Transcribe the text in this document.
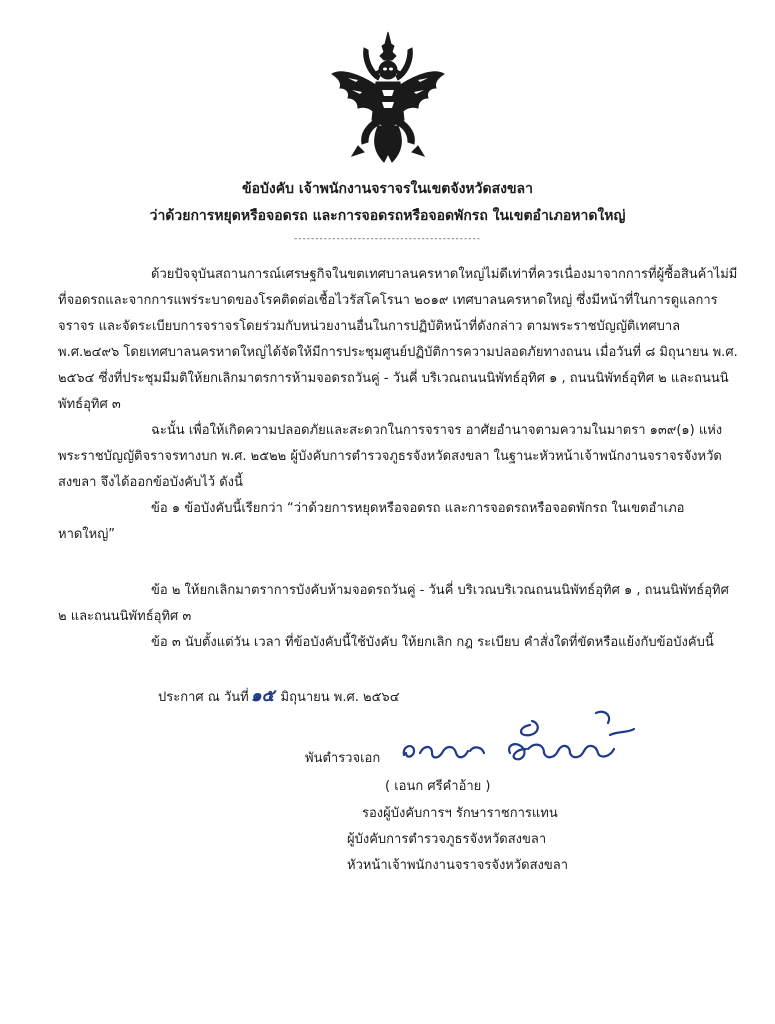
ข้อบังคับ เจ้าพนักงานจราจรในเขตจังหวัดสงขลา
ว่าด้วยการหยุดหรือจอดรถ และการจอดรถหรือจอดพักรถ ในเขตอำเภอหาดใหญ่
--------------------------------------------
ด้วยปัจจุบันสถานการณ์เศรษฐกิจในขตเทศบาลนครหาดใหญ่ไม่ดีเท่าที่ควรเนื่องมาจากการที่ผู้ซื้อสินค้าไม่มีที่จอดรถและจากการแพร่ระบาดของโรคติดต่อเชื้อไวรัสโคโรนา ๒๐๑๙ เทศบาลนครหาดใหญ่ ซึ่งมีหน้าที่ในการดูแลการจราจร และจัดระเบียบการจราจรโดยร่วมกับหน่วยงานอื่นในการปฏิบัติหน้าที่ดังกล่าว ตามพระราชบัญญัติเทศบาล พ.ศ.๒๔๙๖ โดยเทศบาลนครหาดใหญ่ได้จัดให้มีการประชุมศูนย์ปฏิบัติการความปลอดภัยทางถนน เมื่อวันที่ ๘ มิถุนายน พ.ศ. ๒๕๖๔ ซึ่งที่ประชุมมีมติให้ยกเลิกมาตรการห้ามจอดรถวันคู่ - วันคี่ บริเวณถนนนิพัทธ์อุทิศ ๑ , ถนนนิพัทธ์อุทิศ ๒ และถนนนิพัทธ์อุทิศ ๓
ฉะนั้น เพื่อให้เกิดความปลอดภัยและสะดวกในการจราจร อาศัยอำนาจตามความในมาตรา ๑๓๙(๑) แห่งพระราชบัญญัติจราจรทางบก พ.ศ. ๒๕๒๒ ผู้บังคับการตำรวจภูธรจังหวัดสงขลา ในฐานะหัวหน้าเจ้าพนักงานจราจรจังหวัดสงขลา จึงได้ออกข้อบังคับไว้ ดังนี้
ข้อ ๑ ข้อบังคับนี้เรียกว่า “ว่าด้วยการหยุดหรือจอดรถ และการจอดรถหรือจอดพักรถ ในเขตอำเภอหาดใหญ่”
ข้อ ๒ ให้ยกเลิกมาตราการบังคับห้ามจอดรถวันคู่ - วันคี่ บริเวณบริเวณถนนนิพัทธ์อุทิศ ๑ , ถนนนิพัทธ์อุทิศ ๒ และถนนนิพัทธ์อุทิศ ๓
ข้อ ๓ นับตั้งแต่วัน เวลา ที่ข้อบังคับนี้ใช้บังคับ ให้ยกเลิก กฎ ระเบียบ คำสั่งใดที่ขัดหรือแย้งกับข้อบังคับนี้
ประกาศ ณ วันที่ ๑๕ มิถุนายน พ.ศ. ๒๕๖๔
พันตำรวจเอก
( เอนก ศรีคำอ้าย )
รองผู้บังคับการฯ รักษาราชการแทน
ผู้บังคับการตำรวจภูธรจังหวัดสงขลา
หัวหน้าเจ้าพนักงานจราจรจังหวัดสงขลา
